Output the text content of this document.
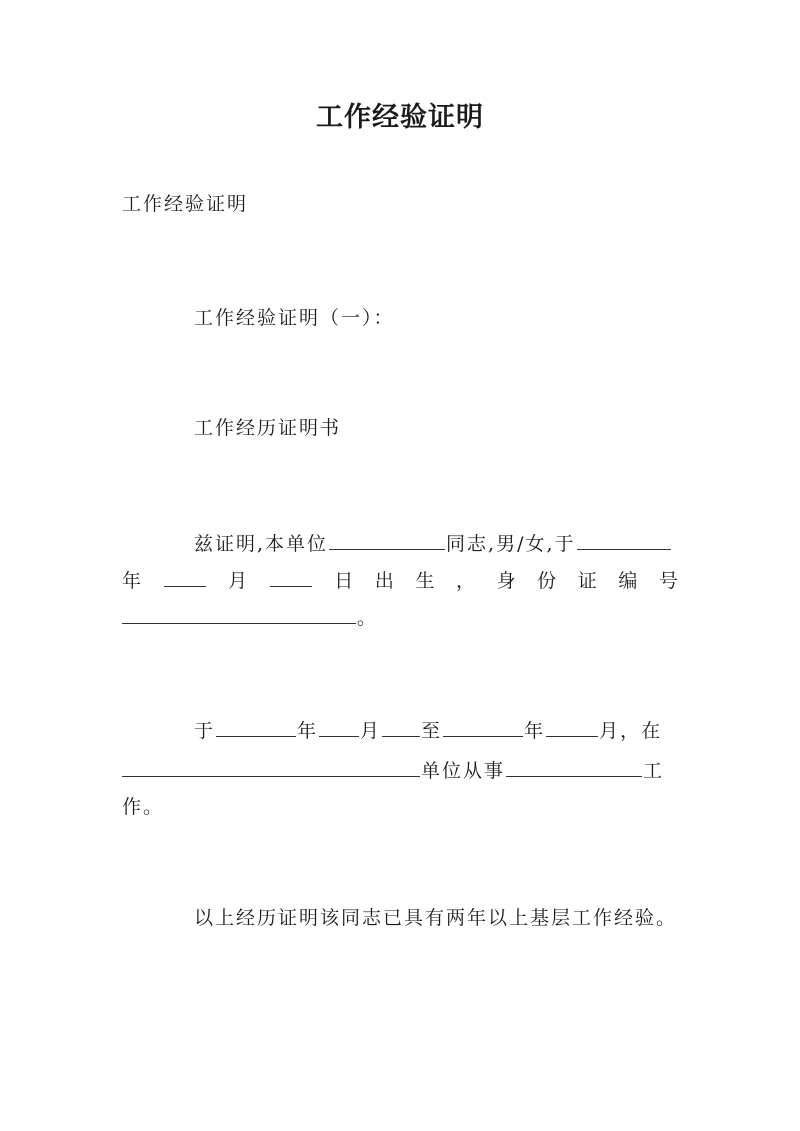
工作经验证明
工作经验证明
工作经验证明（一）：
工作经历证明书
兹证明,本单位	同志,男/女,于
年	月	日 出 生 ， 身 份 证 编 号
。
于	年 月 至	年	月，在
单位从事	工
作。
以上经历证明该同志已具有两年以上基层工作经验。
